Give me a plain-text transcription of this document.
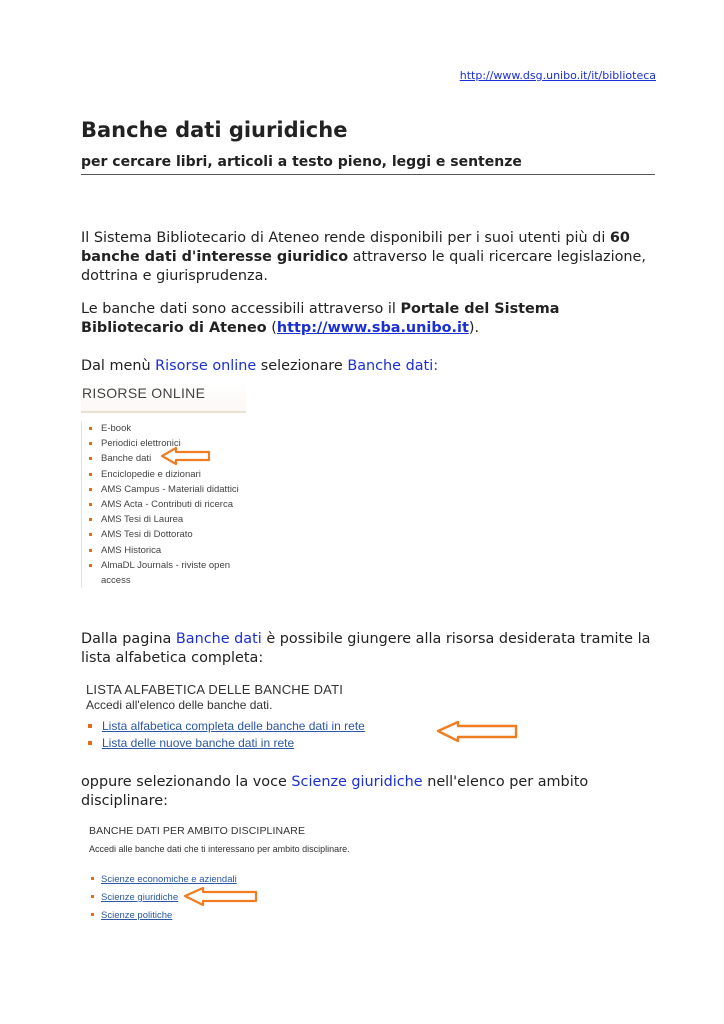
http://www.dsg.unibo.it/it/biblioteca
Banche dati giuridiche
per cercare libri, articoli a testo pieno, leggi e sentenze

Il Sistema Bibliotecario di Ateneo rende disponibili per i suoi utenti più di 60 banche dati d'interesse giuridico attraverso le quali ricercare legislazione, dottrina e giurisprudenza.

Le banche dati sono accessibili attraverso il Portale del Sistema Bibliotecario di Ateneo (http://www.sba.unibo.it).

Dal menù Risorse online selezionare Banche dati:

RISORSE ONLINE
E-book
Periodici elettronici
Banche dati
Enciclopedie e dizionari
AMS Campus - Materiali didattici
AMS Acta - Contributi di ricerca
AMS Tesi di Laurea
AMS Tesi di Dottorato
AMS Historica
AlmaDL Journals - riviste open access

Dalla pagina Banche dati è possibile giungere alla risorsa desiderata tramite la lista alfabetica completa:

LISTA ALFABETICA DELLE BANCHE DATI
Accedi all'elenco delle banche dati.
Lista alfabetica completa delle banche dati in rete
Lista delle nuove banche dati in rete

oppure selezionando la voce Scienze giuridiche nell'elenco per ambito disciplinare:

BANCHE DATI PER AMBITO DISCIPLINARE
Accedi alle banche dati che ti interessano per ambito disciplinare.
Scienze economiche e aziendali
Scienze giuridiche
Scienze politiche
